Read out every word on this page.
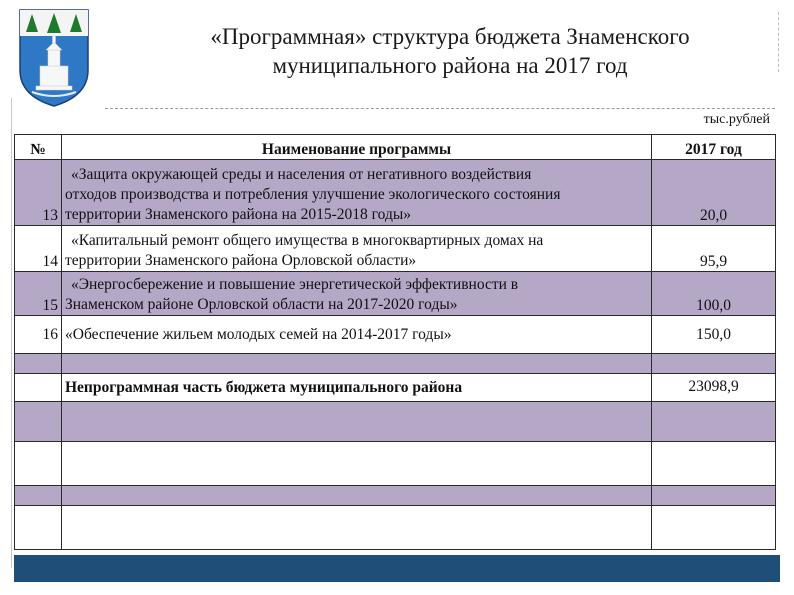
«Программная» структура бюджета Знаменского
муниципального района на 2017 год
тыс.рублей
№	Наименование программы	2017 год
13	«Защита окружающей среды и населения от негативного воздействия
отходов производства и потребления улучшение экологического состояния
территории Знаменского района на 2015-2018 годы»	20,0
14	«Капитальный ремонт общего имущества в многоквартирных домах на
территории Знаменского района Орловской области»	95,9
15	«Энергосбережение и повышение энергетической эффективности в
Знаменском районе Орловской области на 2017-2020 годы»	100,0
16	«Обеспечение жильем молодых семей на 2014-2017 годы»	150,0

	Непрограммная часть бюджета муниципального района	23098,9
